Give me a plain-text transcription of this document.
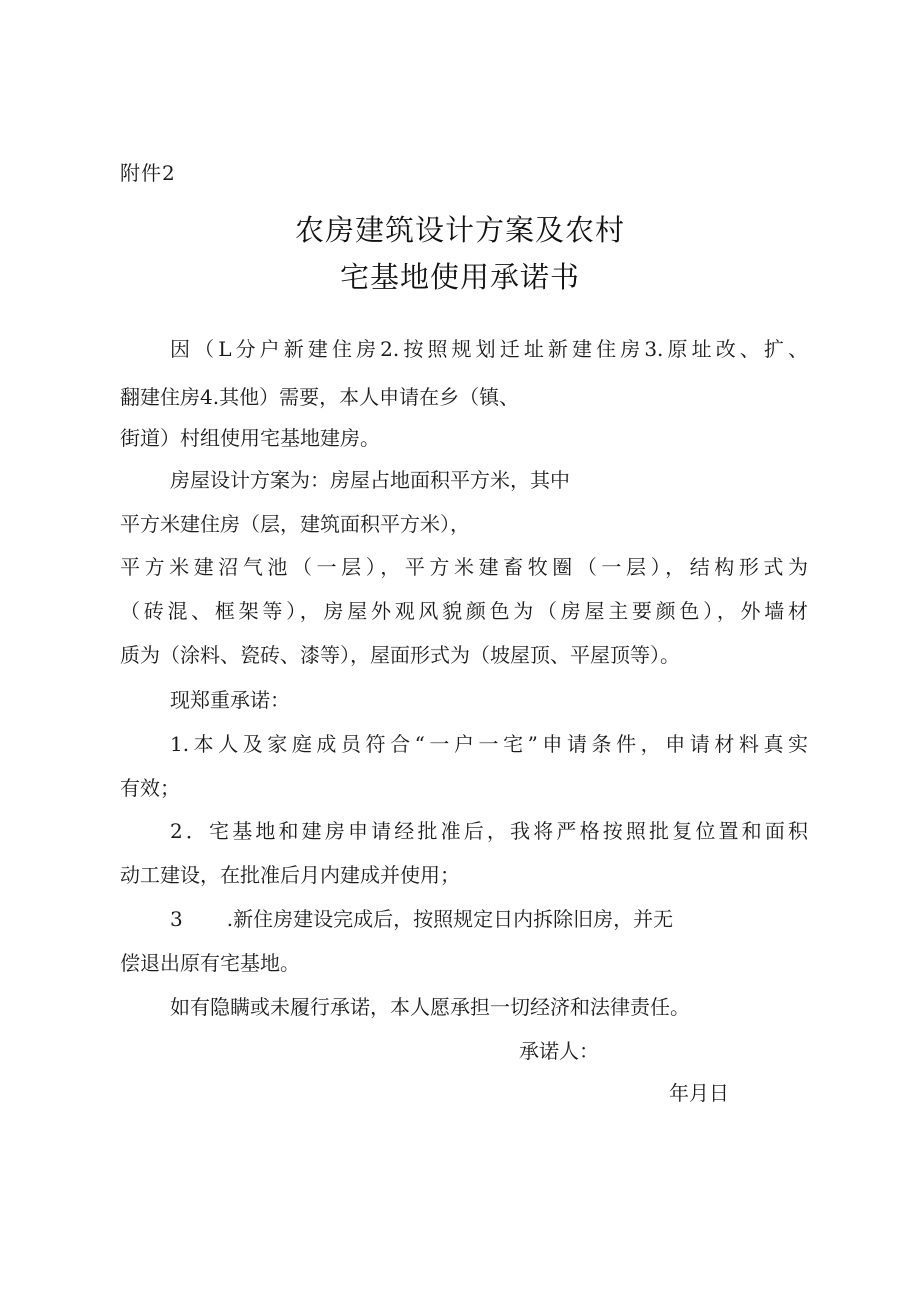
附件2
农房建筑设计方案及农村
宅基地使用承诺书
因（L分户新建住房2.按照规划迁址新建住房3.原址改、扩、
翻建住房4.其他）需要，本人申请在乡（镇、
街道）村组使用宅基地建房。
房屋设计方案为：房屋占地面积平方米，其中
平方米建住房（层，建筑面积平方米），
平方米建沼气池（一层），平方米建畜牧圈（一层），结构形式为
（砖混、框架等），房屋外观风貌颜色为（房屋主要颜色），外墙材
质为（涂料、瓷砖、漆等），屋面形式为（坡屋顶、平屋顶等）。
现郑重承诺：
1.本人及家庭成员符合“一户一宅”申请条件，申请材料真实
有效；
2．宅基地和建房申请经批准后，我将严格按照批复位置和面积
动工建设，在批准后月内建成并使用；
3 .新住房建设完成后，按照规定日内拆除旧房，并无
偿退出原有宅基地。
如有隐瞒或未履行承诺，本人愿承担一切经济和法律责任。
承诺人：
年月日
